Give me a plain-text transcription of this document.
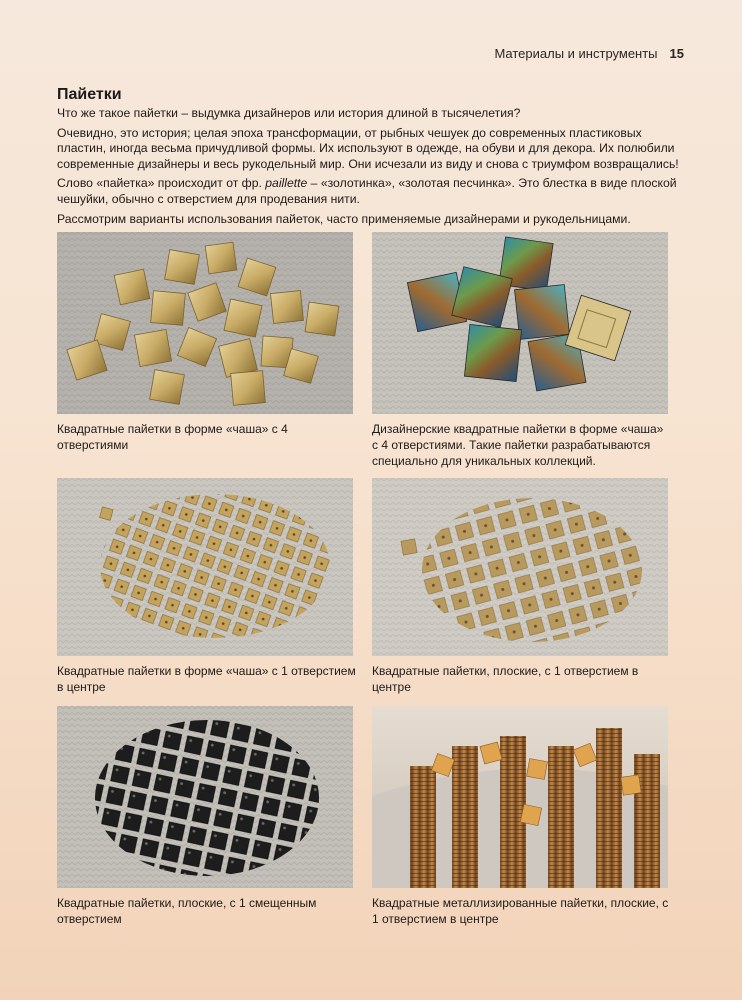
Материалы и инструменты 15
Пайетки

Что же такое пайетки – выдумка дизайнеров или история длиной в тысячелетия?

Очевидно, это история; целая эпоха трансформации, от рыбных чешуек до современных пластиковых пластин, иногда весьма причудливой формы. Их используют в одежде, на обуви и для декора. Их полюбили современные дизайнеры и весь рукодельный мир. Они исчезали из виду и снова с триумфом возвращались!

Слово «пайетка» происходит от фр. paillette – «золотинка», «золотая песчинка». Это блестка в виде плоской чешуйки, обычно с отверстием для продевания нити.

Рассмотрим варианты использования пайеток, часто применяемые дизайнерами и рукодельницами.

Квадратные пайетки в форме «чаша» с 4 отверстиями
Дизайнерские квадратные пайетки в форме «чаша» с 4 отверстиями. Такие пайетки разрабатываются специально для уникальных коллекций.
Квадратные пайетки в форме «чаша» с 1 отверстием в центре
Квадратные пайетки, плоские, с 1 отверстием в центре
Квадратные пайетки, плоские, с 1 смещенным отверстием
Квадратные металлизированные пайетки, плоские, с 1 отверстием в центре
